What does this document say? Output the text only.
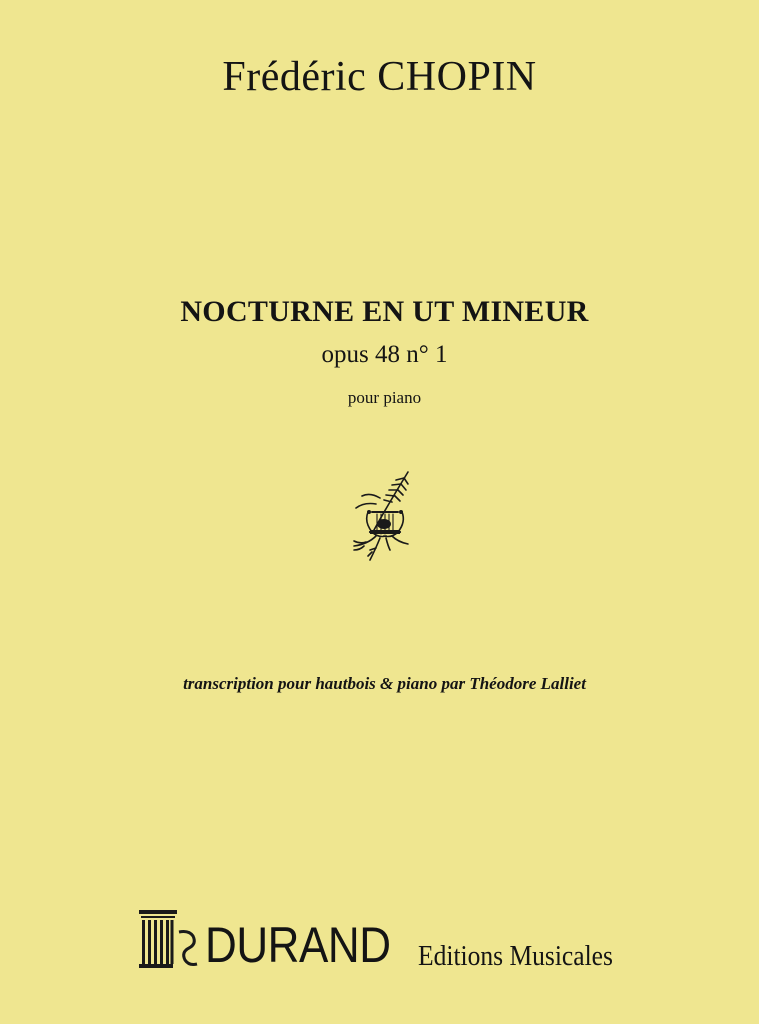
Frédéric CHOPIN
NOCTURNE EN UT MINEUR
opus 48 n° 1
pour piano
transcription pour hautbois & piano par Théodore Lalliet
DURAND Editions Musicales
